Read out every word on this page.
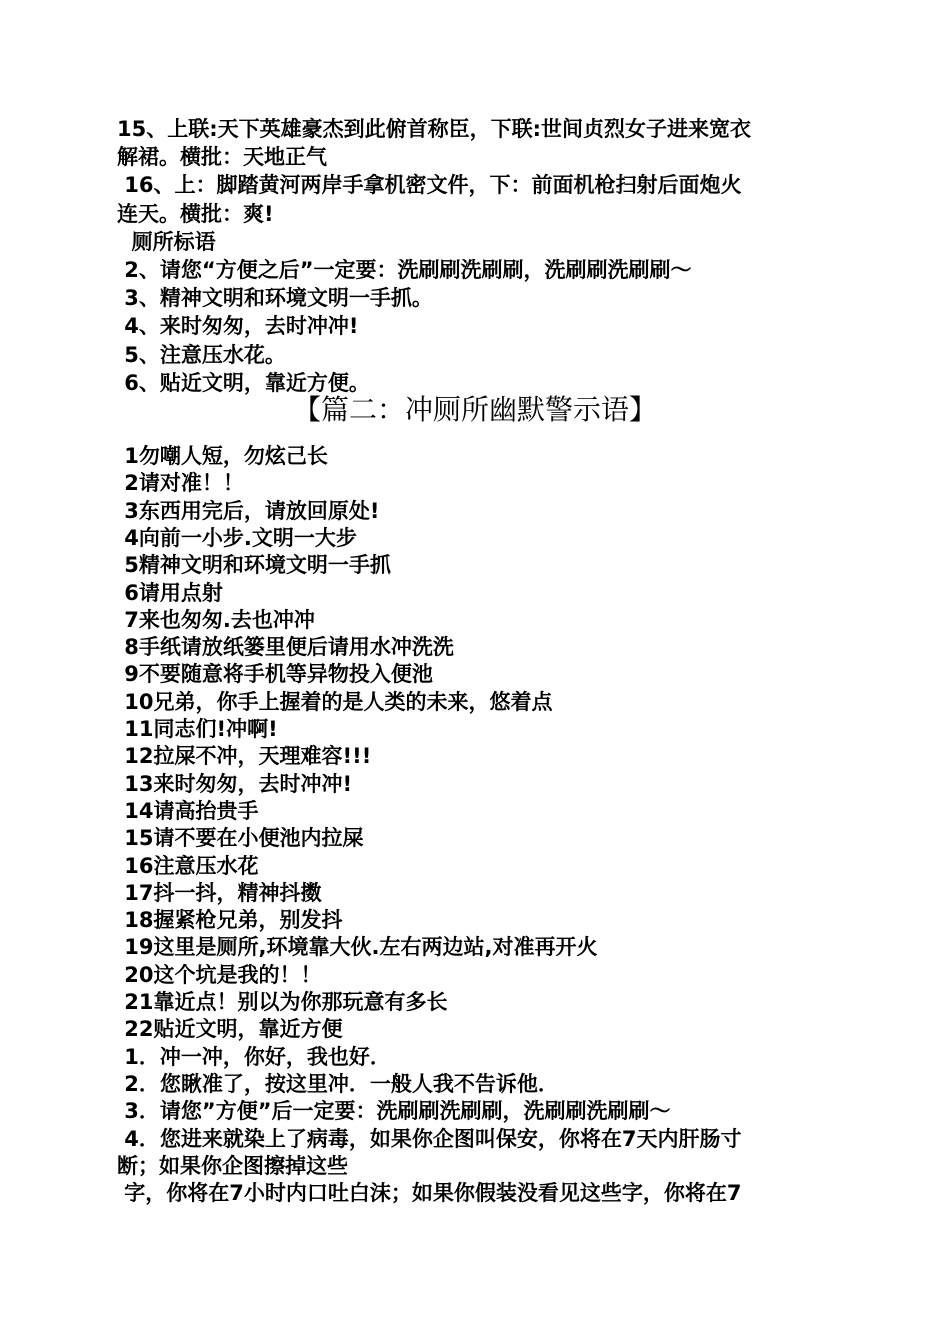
15、上联:天下英雄豪杰到此俯首称臣，下联:世间贞烈女子进来宽衣
解裙。横批：天地正气
16、上：脚踏黄河两岸手拿机密文件，下：前面机枪扫射后面炮火
连天。横批：爽!
厕所标语
2、请您“方便之后”一定要：洗刷刷洗刷刷，洗刷刷洗刷刷～
3、精神文明和环境文明一手抓。
4、来时匆匆，去时冲冲!
5、注意压水花。
6、贴近文明，靠近方便。
【篇二：冲厕所幽默警示语】
1勿嘲人短，勿炫己长
2请对准！！
3东西用完后，请放回原处!
4向前一小步.文明一大步
5精神文明和环境文明一手抓
6请用点射
7来也匆匆.去也冲冲
8手纸请放纸篓里便后请用水冲洗洗
9不要随意将手机等异物投入便池
10兄弟，你手上握着的是人类的未来，悠着点
11同志们!冲啊!
12拉屎不冲，天理难容!!!
13来时匆匆，去时冲冲!
14请高抬贵手
15请不要在小便池内拉屎
16注意压水花
17抖一抖，精神抖擞
18握紧枪兄弟，别发抖
19这里是厕所,环境靠大伙.左右两边站,对准再开火
20这个坑是我的！！
21靠近点！别以为你那玩意有多长
22贴近文明，靠近方便
1．冲一冲，你好，我也好．
2．您瞅准了，按这里冲．一般人我不告诉他．
3．请您”方便”后一定要：洗刷刷洗刷刷，洗刷刷洗刷刷～
4．您进来就染上了病毒，如果你企图叫保安，你将在7天内肝肠寸
断；如果你企图擦掉这些
字，你将在7小时内口吐白沫；如果你假装没看见这些字，你将在7
